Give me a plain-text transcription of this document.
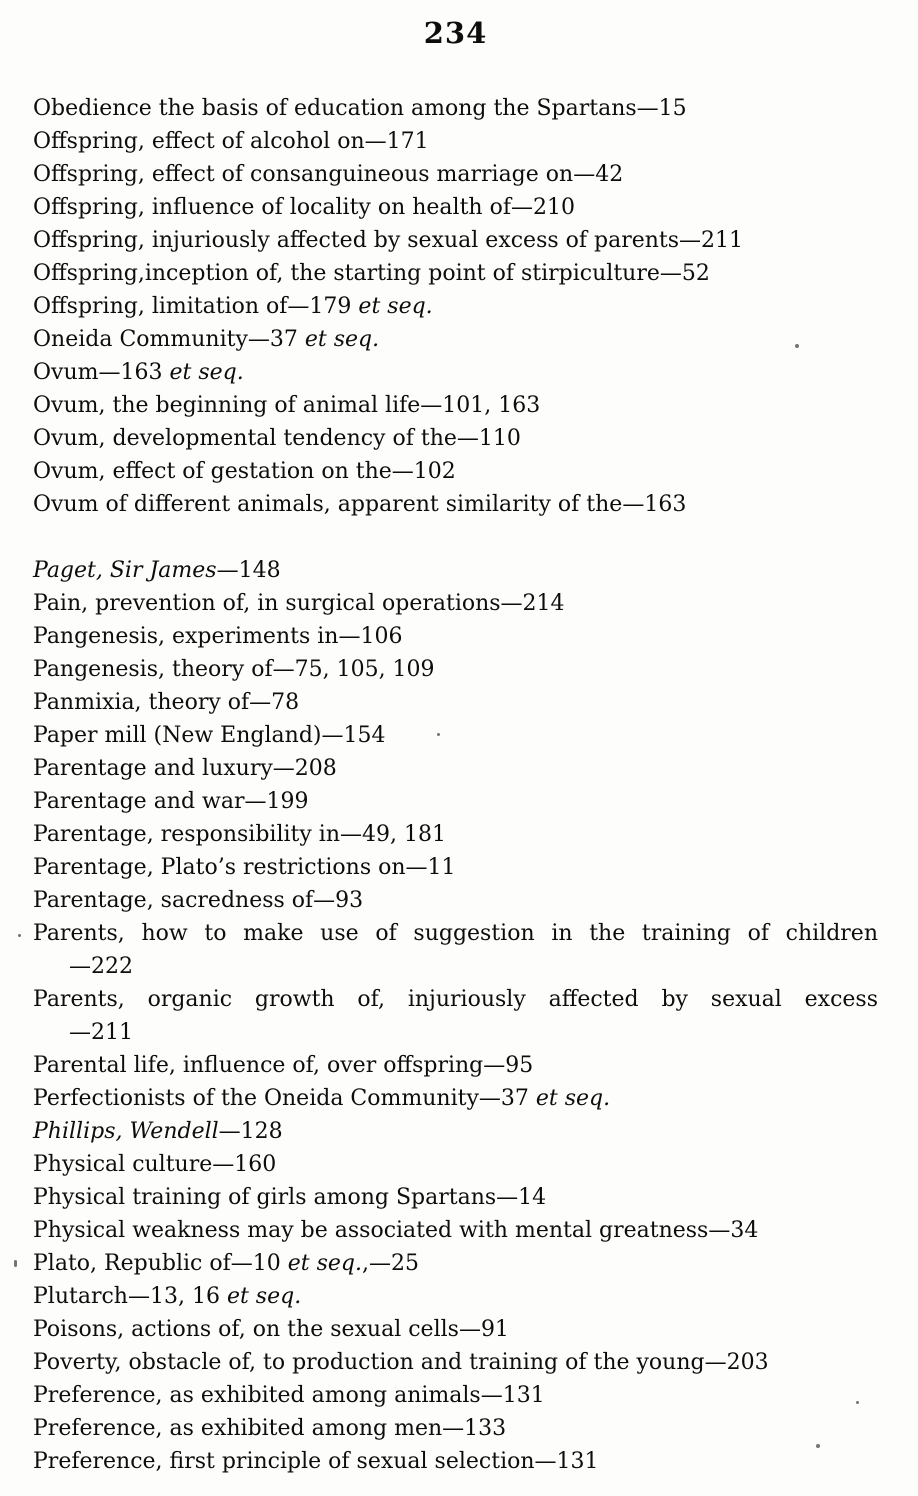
234
Obedience the basis of education among the Spartans—15
Offspring, effect of alcohol on—171
Offspring, effect of consanguineous marriage on—42
Offspring, influence of locality on health of—210
Offspring, injuriously affected by sexual excess of parents—211
Offspring,inception of, the starting point of stirpiculture—52
Offspring, limitation of—179 et seq.
Oneida Community—37 et seq.
Ovum—163 et seq.
Ovum, the beginning of animal life—101, 163
Ovum, developmental tendency of the—110
Ovum, effect of gestation on the—102
Ovum of different animals, apparent similarity of the—163
Paget, Sir James—148
Pain, prevention of, in surgical operations—214
Pangenesis, experiments in—106
Pangenesis, theory of—75, 105, 109
Panmixia, theory of—78
Paper mill (New England)—154
Parentage and luxury—208
Parentage and war—199
Parentage, responsibility in—49, 181
Parentage, Plato’s restrictions on—11
Parentage, sacredness of—93
Parents, how to make use of suggestion in the training of children
—222
Parents, organic growth of, injuriously affected by sexual excess
—211
Parental life, influence of, over offspring—95
Perfectionists of the Oneida Community—37 et seq.
Phillips, Wendell—128
Physical culture—160
Physical training of girls among Spartans—14
Physical weakness may be associated with mental greatness—34
Plato, Republic of—10 et seq.,—25
Plutarch—13, 16 et seq.
Poisons, actions of, on the sexual cells—91
Poverty, obstacle of, to production and training of the young—203
Preference, as exhibited among animals—131
Preference, as exhibited among men—133
Preference, first principle of sexual selection—131
